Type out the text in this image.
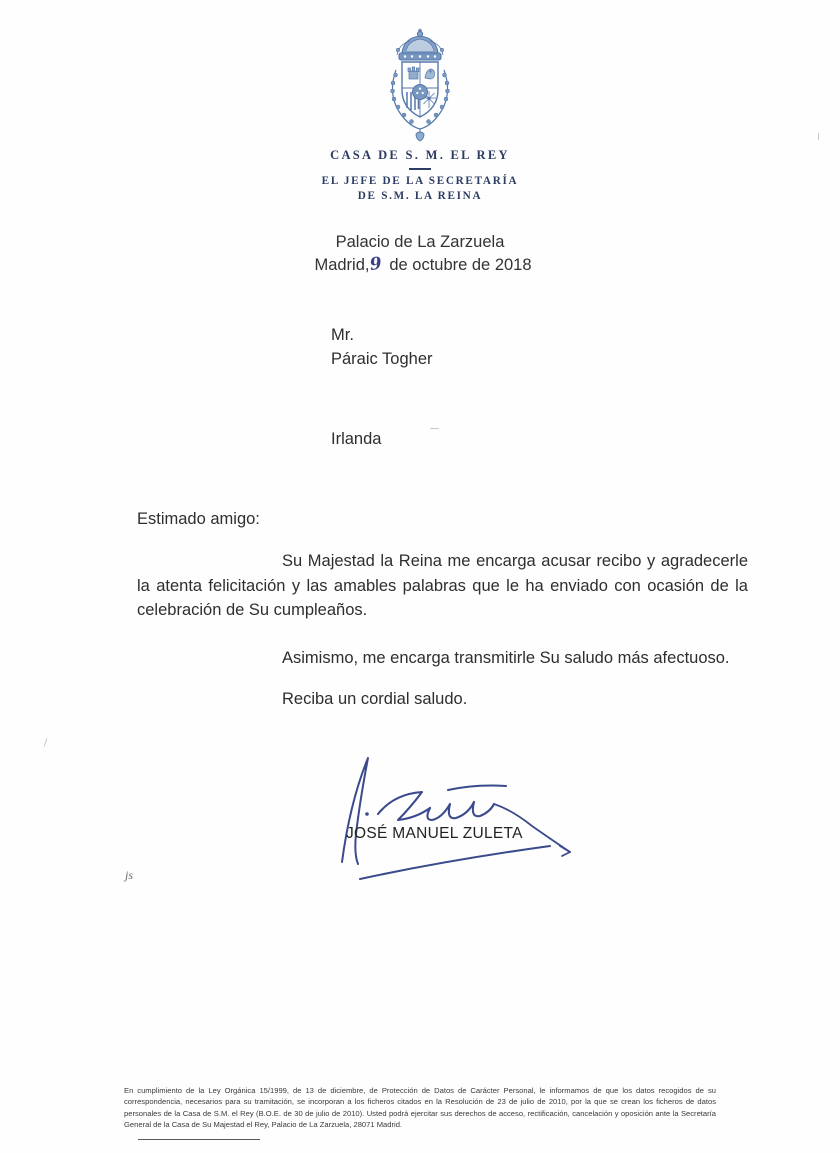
CASA DE S. M. EL REY
EL JEFE DE LA SECRETARÍA
DE S.M. LA REINA
Palacio de La Zarzuela
Madrid,9 de octubre de 2018
Mr.
Páraic Togher
Irlanda
Estimado amigo:

Su Majestad la Reina me encarga acusar recibo y agradecerle la atenta felicitación y las amables palabras que le ha enviado con ocasión de la celebración de Su cumpleaños.

Asimismo, me encarga transmitirle Su saludo más afectuoso.

Reciba un cordial saludo.

JOSÉ MANUEL ZULETA
js
En cumplimiento de la Ley Orgánica 15/1999, de 13 de diciembre, de Protección de Datos de Carácter Personal, le informamos de que los datos recogidos de su correspondencia, necesarios para su tramitación, se incorporan a los ficheros citados en la Resolución de 23 de julio de 2010, por la que se crean los ficheros de datos personales de la Casa de S.M. el Rey (B.O.E. de 30 de julio de 2010). Usted podrá ejercitar sus derechos de acceso, rectificación, cancelación y oposición ante la Secretaría General de la Casa de Su Majestad el Rey, Palacio de La Zarzuela, 28071 Madrid.
